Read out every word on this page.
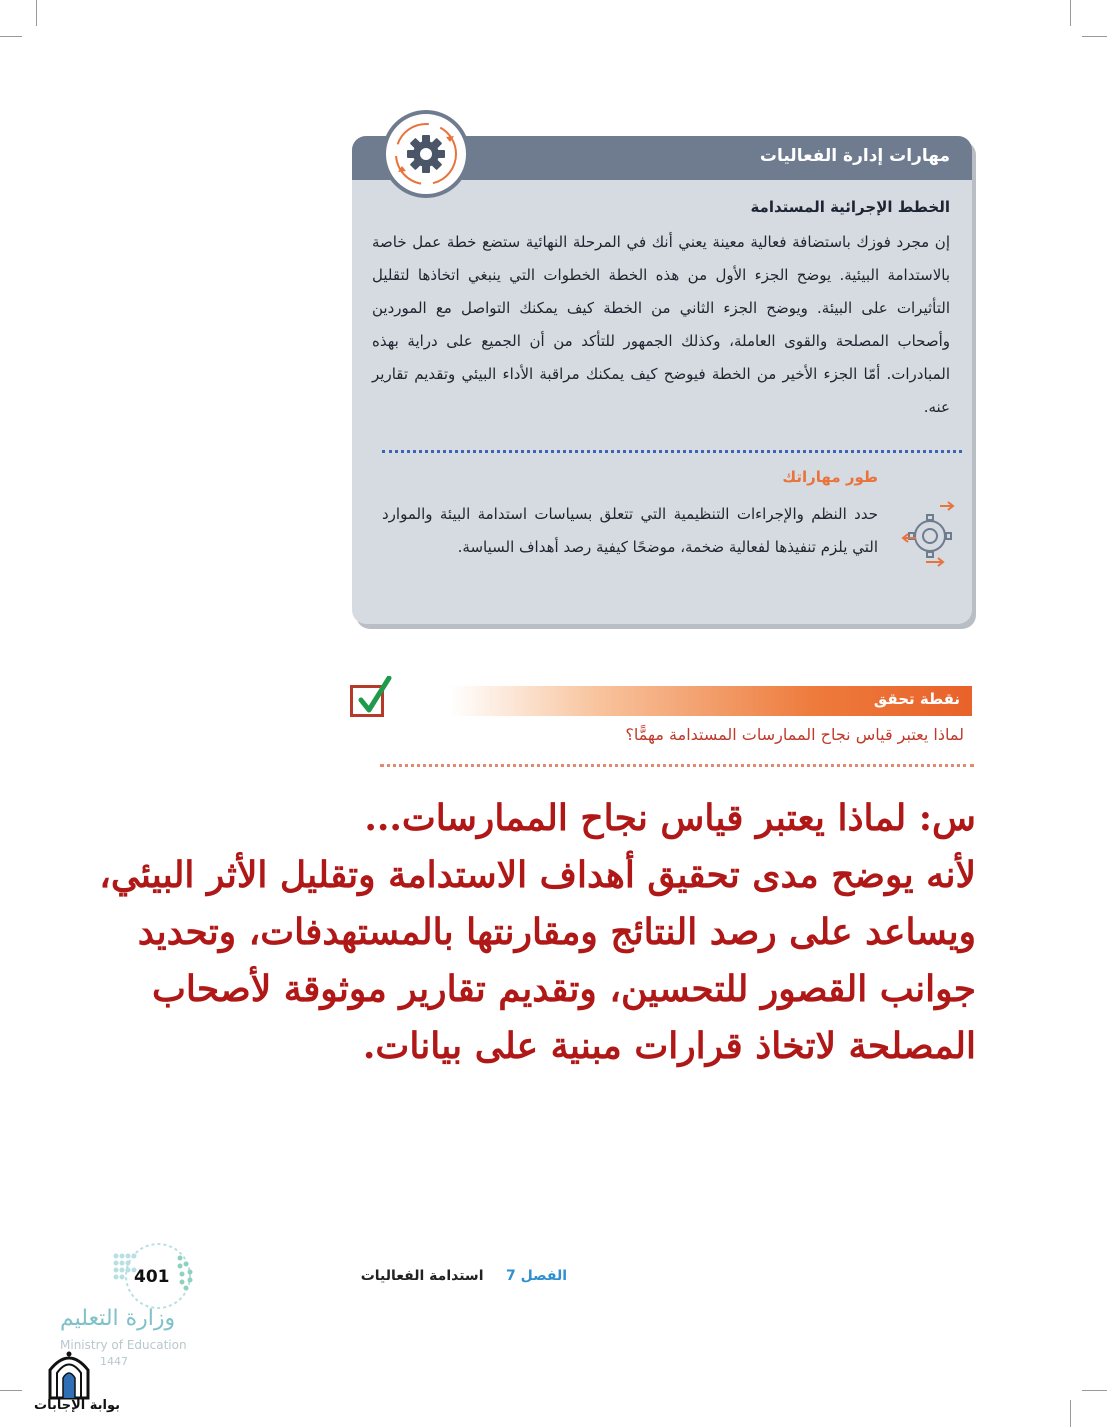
مهارات إدارة الفعاليات
الخطط الإجرائية المستدامة
إن مجرد فوزك باستضافة فعالية معينة يعني أنك في المرحلة النهائية ستضع خطة عمل خاصة بالاستدامة البيئية. يوضح الجزء الأول من هذه الخطة الخطوات التي ينبغي اتخاذها لتقليل التأثيرات على البيئة. ويوضح الجزء الثاني من الخطة كيف يمكنك التواصل مع الموردين وأصحاب المصلحة والقوى العاملة، وكذلك الجمهور للتأكد من أن الجميع على دراية بهذه المبادرات. أمّا الجزء الأخير من الخطة فيوضح كيف يمكنك مراقبة الأداء البيئي وتقديم تقارير عنه.
طور مهاراتك
حدد النظم والإجراءات التنظيمية التي تتعلق بسياسات استدامة البيئة والموارد التي يلزم تنفيذها لفعالية ضخمة، موضحًا كيفية رصد أهداف السياسة.
نقطة تحقق
لماذا يعتبر قياس نجاح الممارسات المستدامة مهمًّا؟
س: لماذا يعتبر قياس نجاح الممارسات...
لأنه يوضح مدى تحقيق أهداف الاستدامة وتقليل الأثر البيئي،
ويساعد على رصد النتائج ومقارنتها بالمستهدفات، وتحديد
جوانب القصور للتحسين، وتقديم تقارير موثوقة لأصحاب
المصلحة لاتخاذ قرارات مبنية على بيانات.
الفصل 7 استدامة الفعاليات
401
وزارة التعليم
Ministry of Education
1447
بوابة الإجابات
